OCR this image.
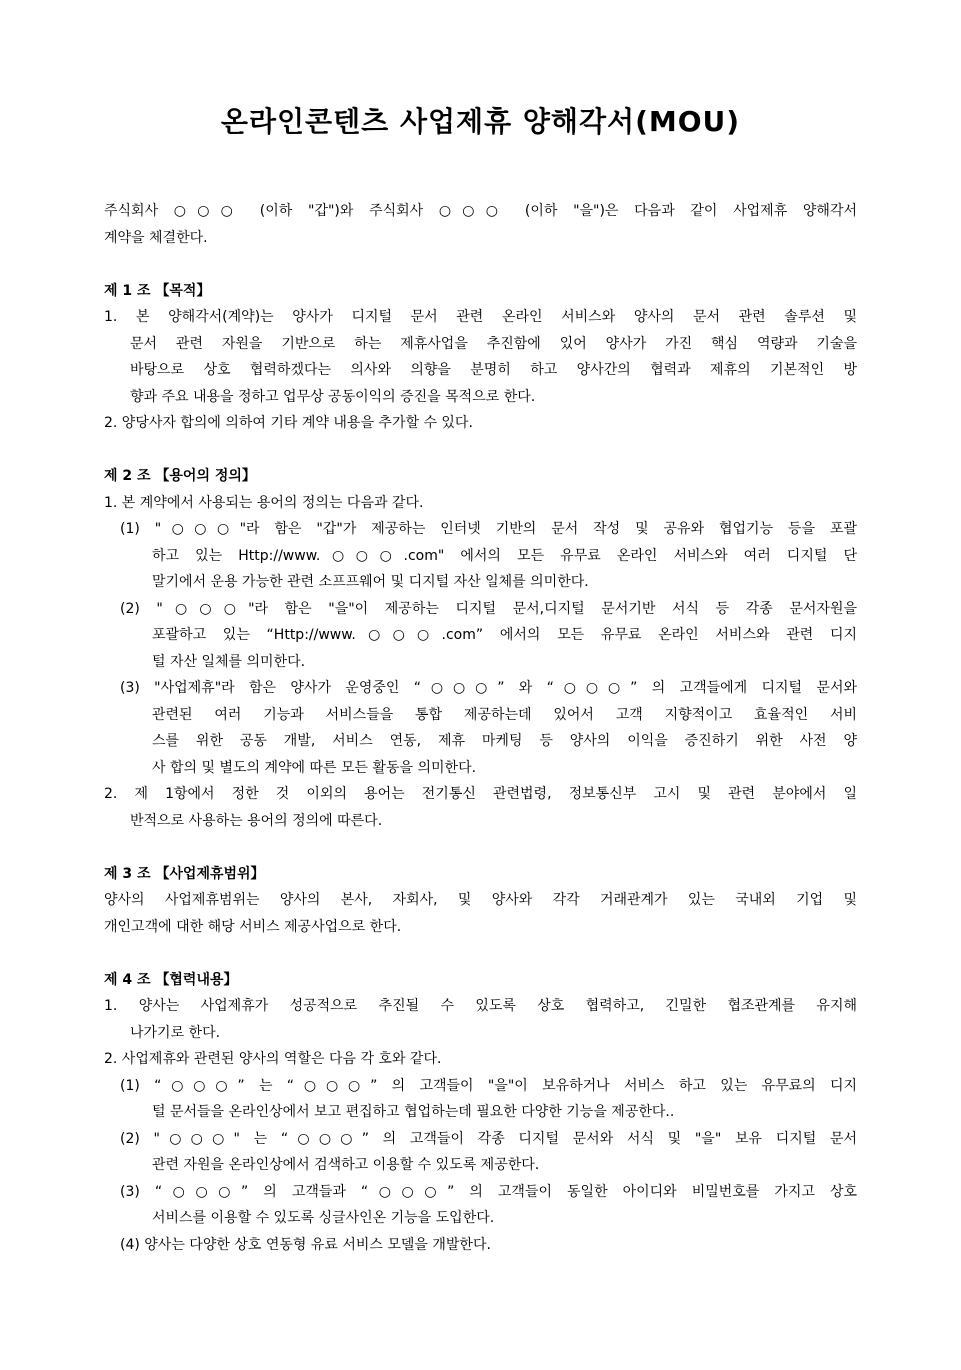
온라인콘텐츠 사업제휴 양해각서(MOU)
주식회사 ○○○ (이하 "갑")와 주식회사 ○○○ (이하 "을")은 다음과 같이 사업제휴 양해각서
계약을 체결한다.
제 1 조 【목적】
1. 본 양해각서(계약)는 양사가 디지털 문서 관련 온라인 서비스와 양사의 문서 관련 솔루션 및
문서 관련 자원을 기반으로 하는 제휴사업을 추진함에 있어 양사가 가진 핵심 역량과 기술을
바탕으로 상호 협력하겠다는 의사와 의향을 분명히 하고 양사간의 협력과 제휴의 기본적인 방
향과 주요 내용을 정하고 업무상 공동이익의 증진을 목적으로 한다.
2. 양당사자 합의에 의하여 기타 계약 내용을 추가할 수 있다.
제 2 조 【용어의 정의】
1. 본 계약에서 사용되는 용어의 정의는 다음과 같다.
(1) "○○○"라 함은 "갑"가 제공하는 인터넷 기반의 문서 작성 및 공유와 협업기능 등을 포괄
하고 있는 Http://www.○○○.com" 에서의 모든 유무료 온라인 서비스와 여러 디지털 단
말기에서 운용 가능한 관련 소프프웨어 및 디지털 자산 일체를 의미한다.
(2) "○○○"라 함은 "을"이 제공하는 디지털 문서,디지털 문서기반 서식 등 각종 문서자원을
포괄하고 있는 “Http://www.○○○.com” 에서의 모든 유무료 온라인 서비스와 관련 디지
털 자산 일체를 의미한다.
(3) "사업제휴"라 함은 양사가 운영중인 “○○○” 와 “○○○” 의 고객들에게 디지털 문서와
관련된 여러 기능과 서비스들을 통합 제공하는데 있어서 고객 지향적이고 효율적인 서비
스를 위한 공동 개발, 서비스 연동, 제휴 마케팅 등 양사의 이익을 증진하기 위한 사전 양
사 합의 및 별도의 계약에 따른 모든 활동을 의미한다.
2. 제 1항에서 정한 것 이외의 용어는 전기통신 관련법령, 정보통신부 고시 및 관련 분야에서 일
반적으로 사용하는 용어의 정의에 따른다.
제 3 조 【사업제휴범위】
양사의 사업제휴범위는 양사의 본사, 자회사, 및 양사와 각각 거래관계가 있는 국내외 기업 및
개인고객에 대한 해당 서비스 제공사업으로 한다.
제 4 조 【협력내용】
1. 양사는 사업제휴가 성공적으로 추진될 수 있도록 상호 협력하고, 긴밀한 협조관계를 유지해
나가기로 한다.
2. 사업제휴와 관련된 양사의 역할은 다음 각 호와 같다.
(1) “○○○” 는 “○○○” 의 고객들이 "을"이 보유하거나 서비스 하고 있는 유무료의 디지
털 문서들을 온라인상에서 보고 편집하고 협업하는데 필요한 다양한 기능을 제공한다..
(2) "○○○" 는 “○○○” 의 고객들이 각종 디지털 문서와 서식 및 "을" 보유 디지털 문서
관련 자원을 온라인상에서 검색하고 이용할 수 있도록 제공한다.
(3) “○○○” 의 고객들과 “○○○” 의 고객들이 동일한 아이디와 비밀번호를 가지고 상호
서비스를 이용할 수 있도록 싱글사인온 기능을 도입한다.
(4) 양사는 다양한 상호 연동형 유료 서비스 모델을 개발한다.
